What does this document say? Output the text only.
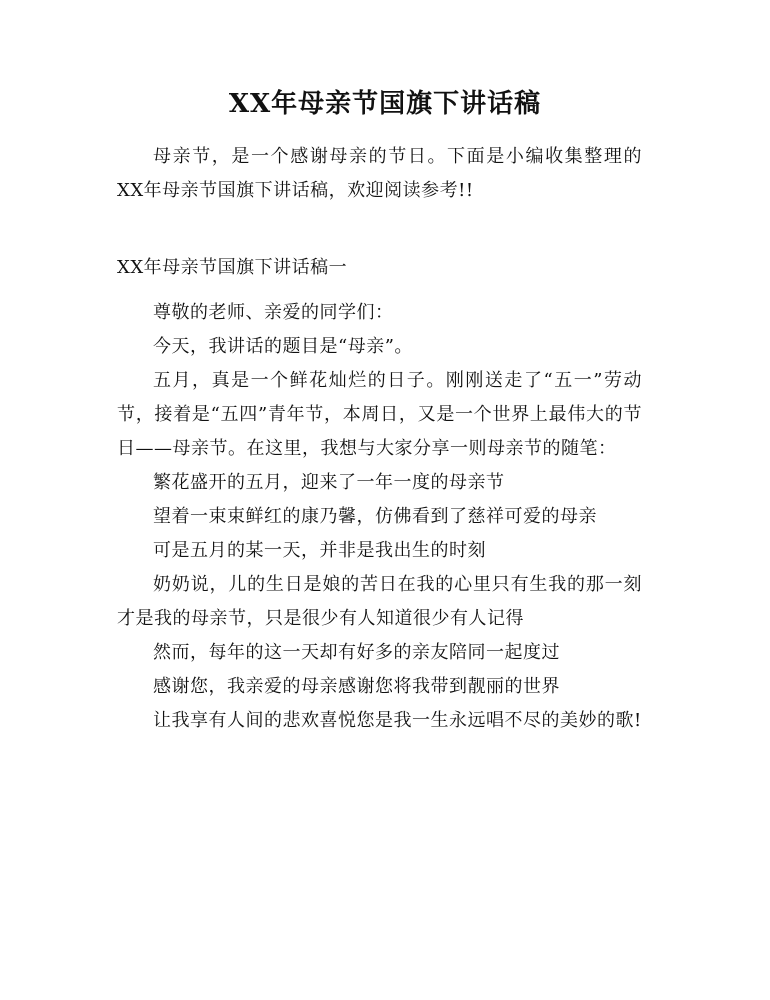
XX年母亲节国旗下讲话稿

母亲节，是一个感谢母亲的节日。下面是小编收集整理的XX年母亲节国旗下讲话稿，欢迎阅读参考!!

XX年母亲节国旗下讲话稿一

尊敬的老师、亲爱的同学们：

今天，我讲话的题目是“母亲”。

五月，真是一个鲜花灿烂的日子。刚刚送走了“五一”劳动节，接着是“五四”青年节，本周日，又是一个世界上最伟大的节日——母亲节。在这里，我想与大家分享一则母亲节的随笔：

繁花盛开的五月，迎来了一年一度的母亲节

望着一束束鲜红的康乃馨，仿佛看到了慈祥可爱的母亲

可是五月的某一天，并非是我出生的时刻

奶奶说，儿的生日是娘的苦日在我的心里只有生我的那一刻才是我的母亲节，只是很少有人知道很少有人记得

然而，每年的这一天却有好多的亲友陪同一起度过

感谢您，我亲爱的母亲感谢您将我带到靓丽的世界

让我享有人间的悲欢喜悦您是我一生永远唱不尽的美妙的歌!
